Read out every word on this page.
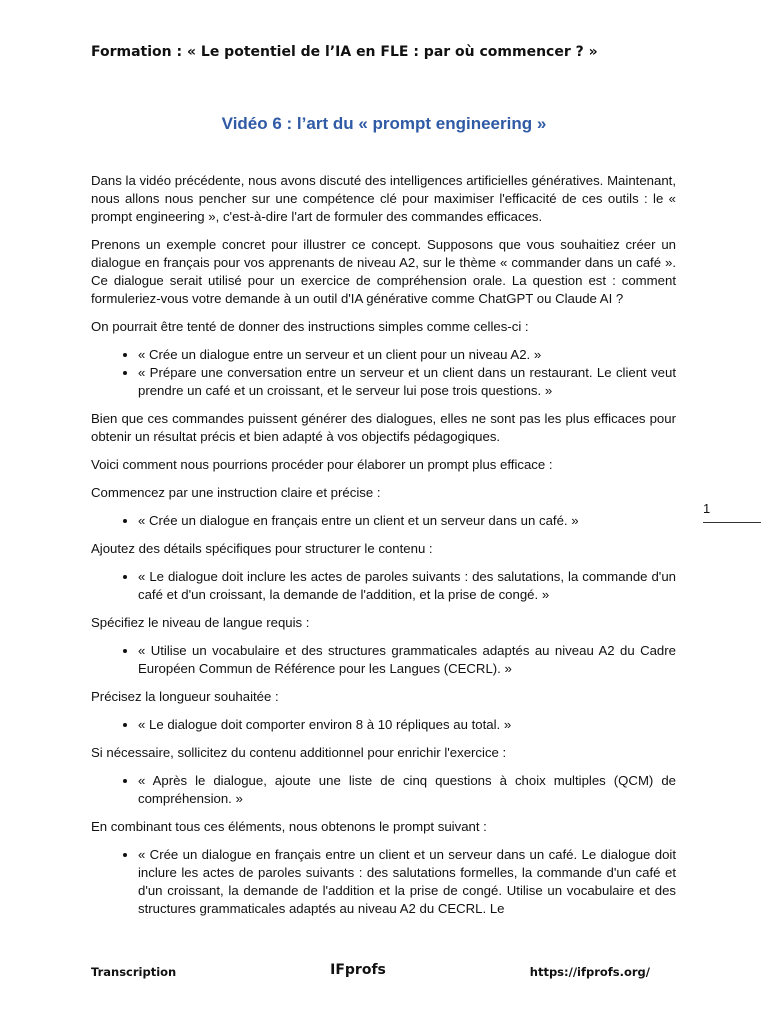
Formation : « Le potentiel de l’IA en FLE : par où commencer ? »
Vidéo 6 : l’art du « prompt engineering »

Dans la vidéo précédente, nous avons discuté des intelligences artificielles génératives. Maintenant, nous allons nous pencher sur une compétence clé pour maximiser l'efficacité de ces outils : le « prompt engineering », c'est-à-dire l'art de formuler des commandes efficaces.

Prenons un exemple concret pour illustrer ce concept. Supposons que vous souhaitiez créer un dialogue en français pour vos apprenants de niveau A2, sur le thème « commander dans un café ». Ce dialogue serait utilisé pour un exercice de compréhension orale. La question est : comment formuleriez-vous votre demande à un outil d'IA générative comme ChatGPT ou Claude AI ?

On pourrait être tenté de donner des instructions simples comme celles-ci :

• « Crée un dialogue entre un serveur et un client pour un niveau A2. »
• « Prépare une conversation entre un serveur et un client dans un restaurant. Le client veut prendre un café et un croissant, et le serveur lui pose trois questions. »

Bien que ces commandes puissent générer des dialogues, elles ne sont pas les plus efficaces pour obtenir un résultat précis et bien adapté à vos objectifs pédagogiques.

Voici comment nous pourrions procéder pour élaborer un prompt plus efficace :

Commencez par une instruction claire et précise :

• « Crée un dialogue en français entre un client et un serveur dans un café. »

Ajoutez des détails spécifiques pour structurer le contenu :

• « Le dialogue doit inclure les actes de paroles suivants : des salutations, la commande d'un café et d'un croissant, la demande de l'addition, et la prise de congé. »

Spécifiez le niveau de langue requis :

• « Utilise un vocabulaire et des structures grammaticales adaptés au niveau A2 du Cadre Européen Commun de Référence pour les Langues (CECRL). »

Précisez la longueur souhaitée :

• « Le dialogue doit comporter environ 8 à 10 répliques au total. »

Si nécessaire, sollicitez du contenu additionnel pour enrichir l'exercice :

• « Après le dialogue, ajoute une liste de cinq questions à choix multiples (QCM) de compréhension. »

En combinant tous ces éléments, nous obtenons le prompt suivant :

• « Crée un dialogue en français entre un client et un serveur dans un café. Le dialogue doit inclure les actes de paroles suivants : des salutations formelles, la commande d'un café et d'un croissant, la demande de l'addition et la prise de congé. Utilise un vocabulaire et des structures grammaticales adaptés au niveau A2 du CECRL. Le
1
Transcription	IFprofs	https://ifprofs.org/
